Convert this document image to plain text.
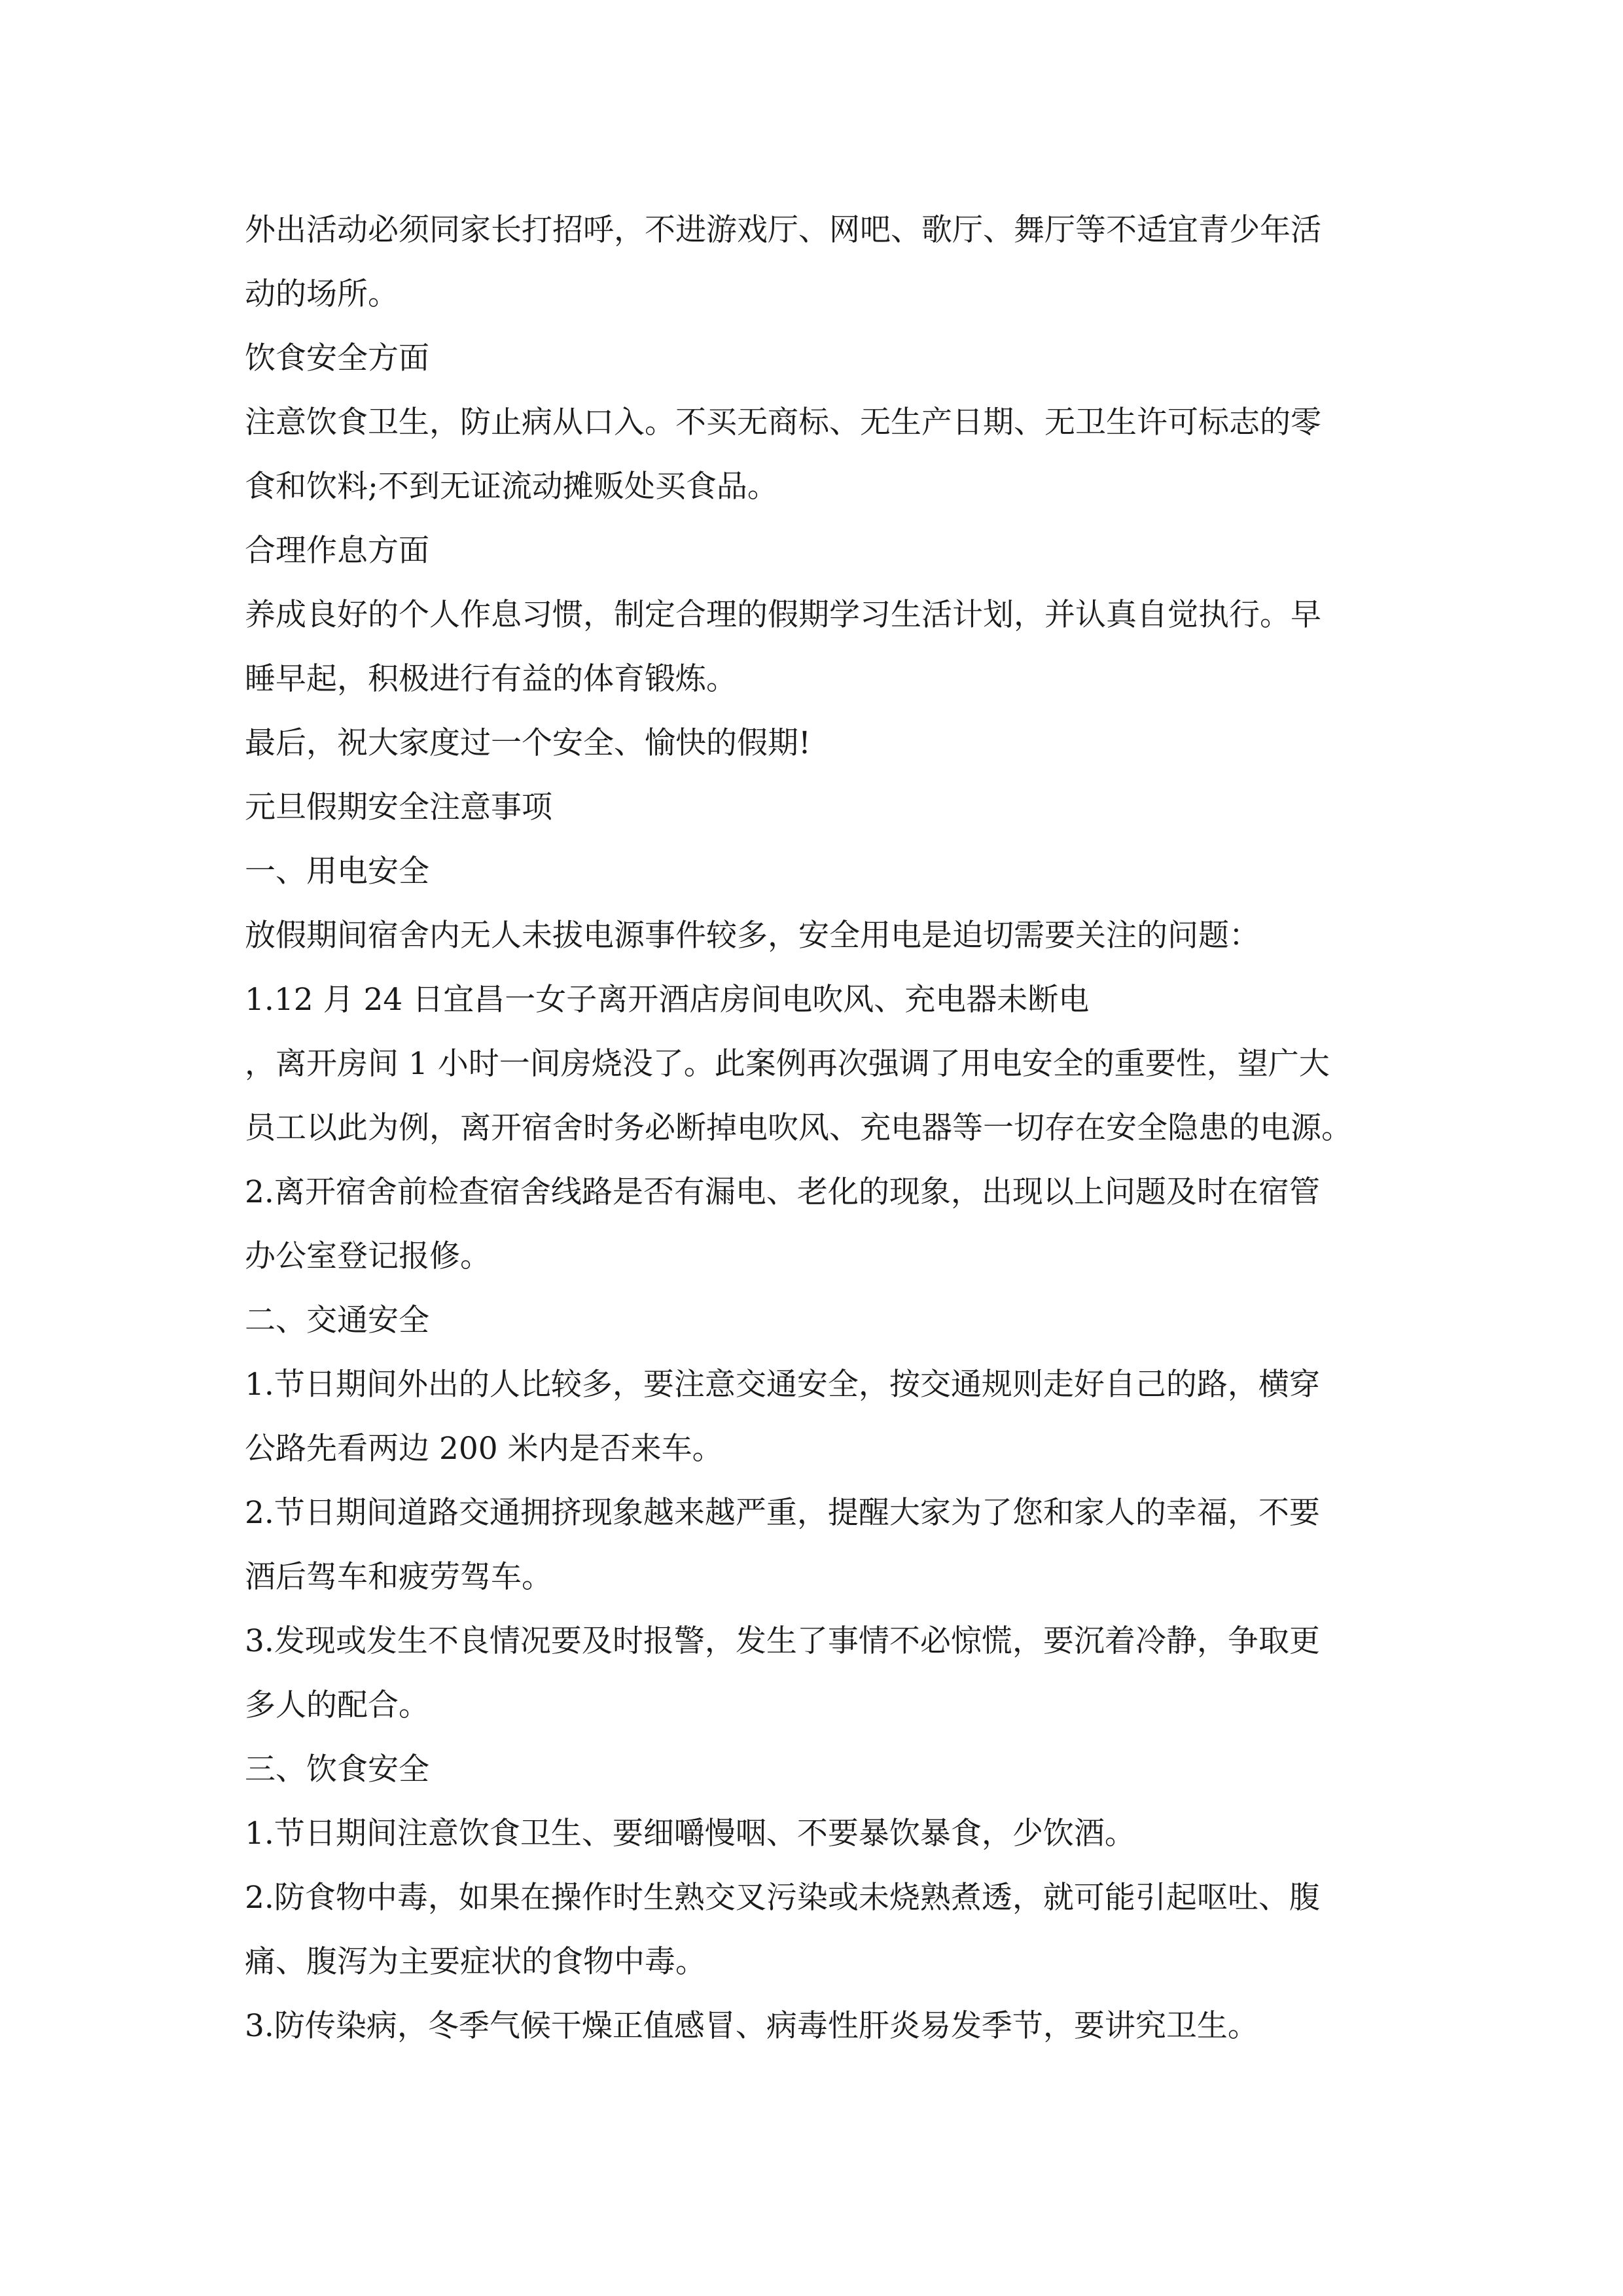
外出活动必须同家长打招呼，不进游戏厅、网吧、歌厅、舞厅等不适宜青少年活
动的场所。
饮食安全方面
注意饮食卫生，防止病从口入。不买无商标、无生产日期、无卫生许可标志的零
食和饮料;不到无证流动摊贩处买食品。
合理作息方面
养成良好的个人作息习惯，制定合理的假期学习生活计划，并认真自觉执行。早
睡早起，积极进行有益的体育锻炼。
最后，祝大家度过一个安全、愉快的假期!
元旦假期安全注意事项
一、用电安全
放假期间宿舍内无人未拔电源事件较多，安全用电是迫切需要关注的问题：
1.12 月 24 日宜昌一女子离开酒店房间电吹风、充电器未断电
，离开房间 1 小时一间房烧没了。此案例再次强调了用电安全的重要性，望广大
员工以此为例，离开宿舍时务必断掉电吹风、充电器等一切存在安全隐患的电源。
2.离开宿舍前检查宿舍线路是否有漏电、老化的现象，出现以上问题及时在宿管
办公室登记报修。
二、交通安全
1.节日期间外出的人比较多，要注意交通安全，按交通规则走好自己的路，横穿
公路先看两边 200 米内是否来车。
2.节日期间道路交通拥挤现象越来越严重，提醒大家为了您和家人的幸福，不要
酒后驾车和疲劳驾车。
3.发现或发生不良情况要及时报警，发生了事情不必惊慌，要沉着冷静，争取更
多人的配合。
三、饮食安全
1.节日期间注意饮食卫生、要细嚼慢咽、不要暴饮暴食，少饮酒。
2.防食物中毒，如果在操作时生熟交叉污染或未烧熟煮透，就可能引起呕吐、腹
痛、腹泻为主要症状的食物中毒。
3.防传染病，冬季气候干燥正值感冒、病毒性肝炎易发季节，要讲究卫生。
